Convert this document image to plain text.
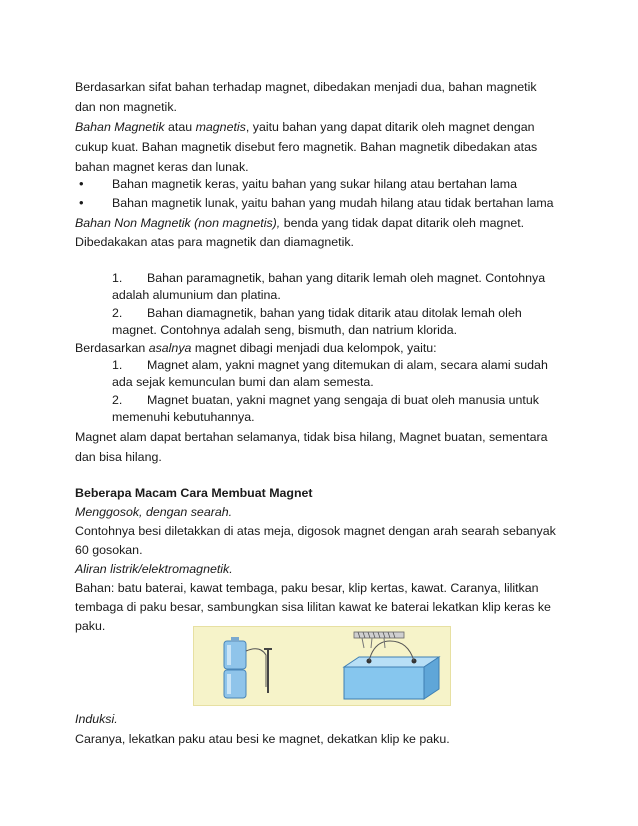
Berdasarkan sifat bahan terhadap magnet, dibedakan menjadi dua, bahan magnetik
dan non magnetik.
Bahan Magnetik atau magnetis, yaitu bahan yang dapat ditarik oleh magnet dengan
cukup kuat. Bahan magnetik disebut fero magnetik. Bahan magnetik dibedakan atas
bahan magnet keras dan lunak.
• Bahan magnetik keras, yaitu bahan yang sukar hilang atau bertahan lama
• Bahan magnetik lunak, yaitu bahan yang mudah hilang atau tidak bertahan lama
Bahan Non Magnetik (non magnetis), benda yang tidak dapat ditarik oleh magnet.
Dibedakakan atas para magnetik dan diamagnetik.
1. Bahan paramagnetik, bahan yang ditarik lemah oleh magnet. Contohnya
adalah alumunium dan platina.
2. Bahan diamagnetik, bahan yang tidak ditarik atau ditolak lemah oleh
magnet. Contohnya adalah seng, bismuth, dan natrium klorida.
Berdasarkan asalnya magnet dibagi menjadi dua kelompok, yaitu:
1. Magnet alam, yakni magnet yang ditemukan di alam, secara alami sudah
ada sejak kemunculan bumi dan alam semesta.
2. Magnet buatan, yakni magnet yang sengaja di buat oleh manusia untuk
memenuhi kebutuhannya.
Magnet alam dapat bertahan selamanya, tidak bisa hilang, Magnet buatan, sementara
dan bisa hilang.
Beberapa Macam Cara Membuat Magnet
Menggosok, dengan searah.
Contohnya besi diletakkan di atas meja, digosok magnet dengan arah searah sebanyak
60 gosokan.
Aliran listrik/elektromagnetik.
Bahan: batu baterai, kawat tembaga, paku besar, klip kertas, kawat. Caranya, lilitkan
tembaga di paku besar, sambungkan sisa lilitan kawat ke baterai lekatkan klip keras ke
paku.
Induksi.
Caranya, lekatkan paku atau besi ke magnet, dekatkan klip ke paku.
